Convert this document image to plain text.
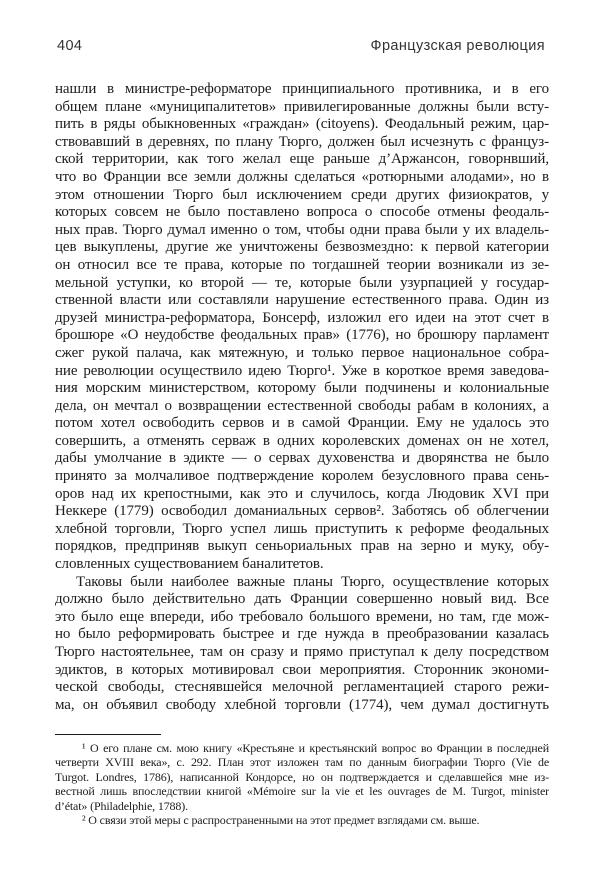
404	Французская революция
нашли в министре-реформаторе принципиального противника, и в его
общем плане «муниципалитетов» привилегированные должны были всту-
пить в ряды обыкновенных «граждан» (citoyens). Феодальный режим, цар-
ствовавший в деревнях, по плану Тюрго, должен был исчезнуть с француз-
ской территории, как того желал еще раньше д’Аржансон, говорнвший,
что во Франции все земли должны сделаться «ротюрными алодами», но в
этом отношении Тюрго был исключением среди других физиократов, у
которых совсем не было поставлено вопроса о способе отмены феодаль-
ных прав. Тюрго думал именно о том, чтобы одни права были у их владель-
цев выкуплены, другие же уничтожены безвозмездно: к первой категории
он относил все те права, которые по тогдашней теории возникали из зе-
мельной уступки, ко второй — те, которые были узурпацией у государ-
ственной власти или составляли нарушение естественного права. Один из
друзей министра-реформатора, Бонсерф, изложил его идеи на этот счет в
брошюре «О неудобстве феодальных прав» (1776), но брошюру парламент
сжег рукой палача, как мятежную, и только первое национальное собра-
ние революции осуществило идею Тюрго¹. Уже в короткое время заведова-
ния морским министерством, которому были подчинены и колониальные
дела, он мечтал о возвращении естественной свободы рабам в колониях, а
потом хотел освободить сервов и в самой Франции. Ему не удалось это
совершить, а отменять серваж в одних королевских доменах он не хотел,
дабы умолчание в эдикте — о сервах духовенства и дворянства не было
принято за молчаливое подтверждение королем безусловного права сень-
оров над их крепостными, как это и случилось, когда Людовик XVI при
Неккере (1779) освободил доманиальных сервов². Заботясь об облегчении
хлебной торговли, Тюрго успел лишь приступить к реформе феодальных
порядков, предприняв выкуп сеньориальных прав на зерно и муку, обу-
словленных существованием баналитетов.
Таковы были наиболее важные планы Тюрго, осуществление которых
должно было действительно дать Франции совершенно новый вид. Все
это было еще впереди, ибо требовало большого времени, но там, где мож-
но было реформировать быстрее и где нужда в преобразовании казалась
Тюрго настоятельнее, там он сразу и прямо приступал к делу посредством
эдиктов, в которых мотивировал свои мероприятия. Сторонник экономи-
ческой свободы, стеснявшейся мелочной регламентацией старого режи-
ма, он объявил свободу хлебной торговли (1774), чем думал достигнуть
¹ О его плане см. мою книгу «Крестьяне и крестьянский вопрос во Франции в последней
четверти XVIII века», с. 292. План этот изложен там по данным биографии Тюрго (Vie de
Turgot. Londres, 1786), написанной Кондорсе, но он подтверждается и сделавшейся мне из-
вестной лишь впоследствии книгой «Mémoire sur la vie et les ouvrages de M. Turgot, minister
d’état» (Philadelphie, 1788).
² О связи этой меры с распространенными на этот предмет взглядами см. выше.
